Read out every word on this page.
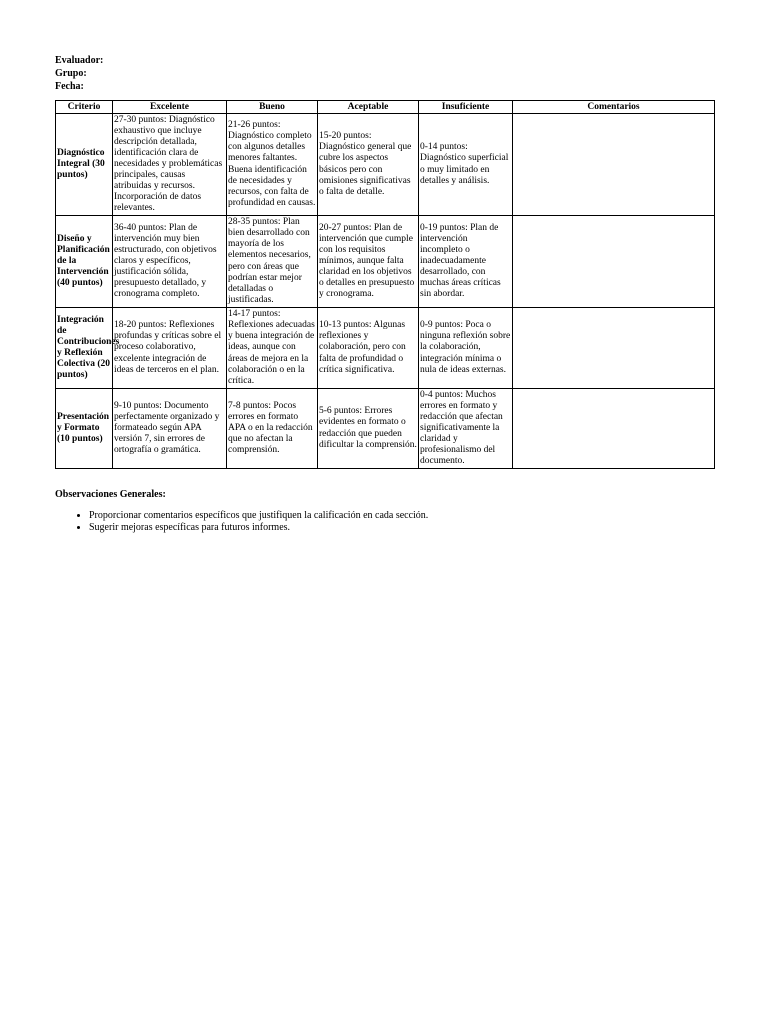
Evaluador:
Grupo:
Fecha:
Criterio	Excelente	Bueno	Aceptable	Insuficiente	Comentarios
Diagnóstico Integral (30 puntos)	27-30 puntos: Diagnóstico exhaustivo que incluye descripción detallada, identificación clara de necesidades y problemáticas principales, causas atribuidas y recursos. Incorporación de datos relevantes.	21-26 puntos: Diagnóstico completo con algunos detalles menores faltantes. Buena identificación de necesidades y recursos, con falta de profundidad en causas.	15-20 puntos: Diagnóstico general que cubre los aspectos básicos pero con omisiones significativas o falta de detalle.	0-14 puntos: Diagnóstico superficial o muy limitado en detalles y análisis.	
Diseño y Planificación de la Intervención (40 puntos)	36-40 puntos: Plan de intervención muy bien estructurado, con objetivos claros y específicos, justificación sólida, presupuesto detallado, y cronograma completo.	28-35 puntos: Plan bien desarrollado con mayoría de los elementos necesarios, pero con áreas que podrían estar mejor detalladas o justificadas.	20-27 puntos: Plan de intervención que cumple con los requisitos mínimos, aunque falta claridad en los objetivos o detalles en presupuesto y cronograma.	0-19 puntos: Plan de intervención incompleto o inadecuadamente desarrollado, con muchas áreas críticas sin abordar.	
Integración de Contribuciones y Reflexión Colectiva (20 puntos)	18-20 puntos: Reflexiones profundas y críticas sobre el proceso colaborativo, excelente integración de ideas de terceros en el plan.	14-17 puntos: Reflexiones adecuadas y buena integración de ideas, aunque con áreas de mejora en la colaboración o en la crítica.	10-13 puntos: Algunas reflexiones y colaboración, pero con falta de profundidad o crítica significativa.	0-9 puntos: Poca o ninguna reflexión sobre la colaboración, integración mínima o nula de ideas externas.	
Presentación y Formato (10 puntos)	9-10 puntos: Documento perfectamente organizado y formateado según APA versión 7, sin errores de ortografía o gramática.	7-8 puntos: Pocos errores en formato APA o en la redacción que no afectan la comprensión.	5-6 puntos: Errores evidentes en formato o redacción que pueden dificultar la comprensión.	0-4 puntos: Muchos errores en formato y redacción que afectan significativamente la claridad y profesionalismo del documento.	
Observaciones Generales:
• Proporcionar comentarios específicos que justifiquen la calificación en cada sección.
• Sugerir mejoras específicas para futuros informes.
